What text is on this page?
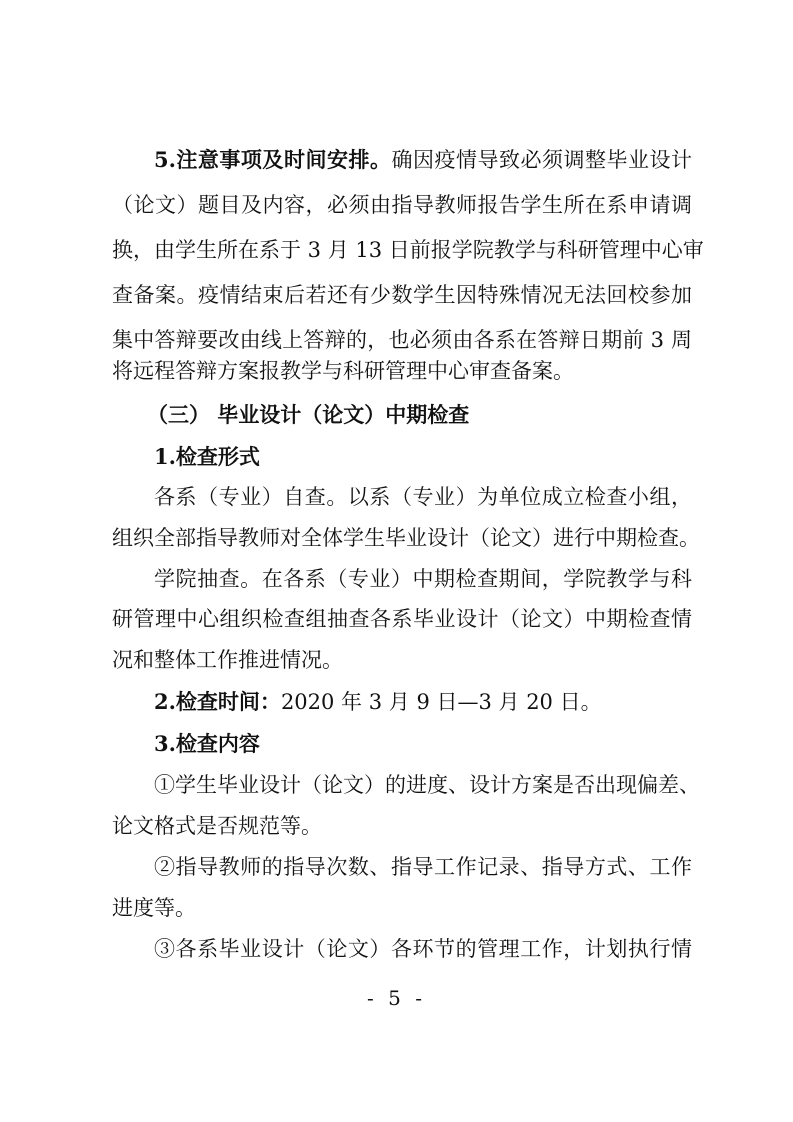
5.注意事项及时间安排。确因疫情导致必须调整毕业设计
（论文）题目及内容，必须由指导教师报告学生所在系申请调
换，由学生所在系于 3 月 13 日前报学院教学与科研管理中心审
查备案。疫情结束后若还有少数学生因特殊情况无法回校参加
集中答辩要改由线上答辩的，也必须由各系在答辩日期前 3 周
将远程答辩方案报教学与科研管理中心审查备案。
（三） 毕业设计（论文）中期检查
1.检查形式
各系（专业）自查。以系（专业）为单位成立检查小组，
组织全部指导教师对全体学生毕业设计（论文）进行中期检查。
学院抽查。在各系（专业）中期检查期间，学院教学与科
研管理中心组织检查组抽查各系毕业设计（论文）中期检查情
况和整体工作推进情况。
2.检查时间：2020 年 3 月 9 日—3 月 20 日。
3.检查内容
①学生毕业设计（论文）的进度、设计方案是否出现偏差、
论文格式是否规范等。
②指导教师的指导次数、指导工作记录、指导方式、工作
进度等。
③各系毕业设计（论文）各环节的管理工作，计划执行情
- 5 -
